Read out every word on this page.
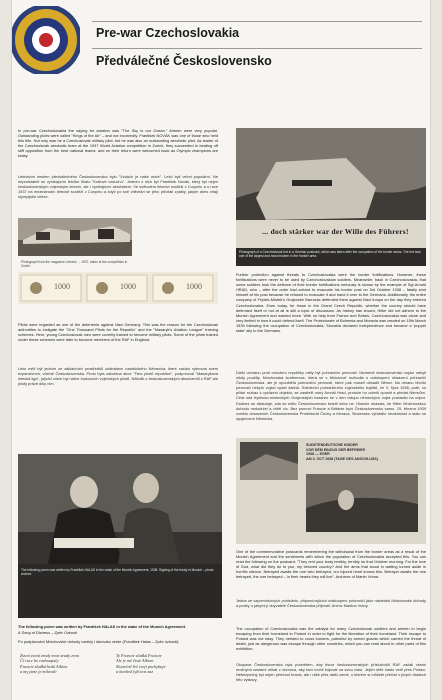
Pre-war Czechoslovakia
Předválečné Československo

In pre-war Czechoslovakia the saying for aviation was "The Sky is our Ocean." Airmen were very popular. Outstanding pilots were called "Kings of the Air" – and not incorrectly. František NOVÁK was one of those who held this title. Not only was he a Czechoslovak military pilot, but he was also an outstanding aerobatic pilot. As leader of the Czechoslovak aerobatic team at the 1937 World Aviation competition in Zurich, they succeeded in beating off stiff opposition from the best national teams, and on their return were welcomed back as Olympic champions are today.

Letectvím heslem předválečného Československa bylo "Vzduch je naše moře". Letci byli velmi populární. Ne nepodstatně se vynikajícím letcům říkalo "Králové vzduchu". Jedním z nich byl František Novák, který byl nejen československým vojenským letcem, ale i vynikajícím akrobatem. Ve světovém letectví soutěži v Curychu a s roce 1937 na mezinárodní letecké soutěži v Curychu a když po své vítězství se jeho přivítali zpátky, jakým dnes vítají olympijské vítěze.

Photograph from the magazine Letectví ... 1937, taken at the competition in Zurich.
1000	1000	1000

Pilots were regarded as one of the deterrents against Nazi Germany. This was the reason for the Czechoslovak authorities to instigate the "One Thousand Pilots for the Republic" and the "Masaryk's Aviation League" training schemes. Here, young Czechoslovak men were covertly trained to become military pilots. Some of the pilots trained under these schemes were later to become members of the RAF in England.

Letci měli být jedním ze základních prostředků odstrašení nacistického Německa, které začalo vybrovat svém expanzivním, včetně Československa. Proto byla založena akce "Tisíc pilotů republice", podporoval "Masarykova letecká liga", jejichž cílem byl nábor budoucích vojenských pilotů. Několik z československých absolventů z RAF ale piloty právě díky nim.

The following poem was written by František HALAS in the wake of the Munich Agreement, 1938. Signing of the treaty in Munich – photo archive.
The following poem was written by František HALAS in the wake of the Munich Agreement.
A Song of Distress – Zpěv Úzkosti
Po podpisování Mnichovské dohody vznikly i takováto verše (František Halas – Zpěv úzkosti):
Zvoní zvoní zrady zvon zrady zvon
Čí ruce ho rozhoupaly
Francie sladká hrdá Albion
a my jsme je milovali
Ty Francie sladká Francie
Ale je mé čisté Albion
Slunečně řeč tvoji pochybuje
a hanlivá lyží text zaz
... doch stärker war der Wille des Führers!
Photograph of a Czechoslovak fort in a German postcard, which was taken after the occupation of the border areas. The fort was one of the largest and most modern in the frontier area.

Further protection against threats to Czechoslovakia were the border fortifications. However, these fortifications were never to be used by Czechoslovakian soldiers. Meanwhile, back in Czechoslovakia, that some soldiers took the defence of their border fortifications seriously is shown by the example of Sgt Arnošt HRAD, who – after the order had arrived to evacuate his border post on 3rd October 1938 – fatally shot himself at his post because he refused to evacuate it and hand it over to the Germans. Additionally, the entire company of Frýdek-Místek's Grajenské Barracks defended them against Nazi troops on the day they entered Czechoslovakia. Even today, for those in the Grand Czech Republic, whether the country should have defended itself or not at all is still a topic of discussion. As history has shown, Hitler did not adhere to the Munich Agreement and wanted more. With no help from France and Britain, Czechoslovakia was alone and very limited in how it could defend itself. The Protectorate of Bohemia and Moravia was created on 15th March 1939 following the occupation of Czechoslovakia; Slovakia declared independence and became a 'puppet state' ally to the Germans.

Další ochranu proti ohrožení republiky měly být pohraniční pevnosti. Nicméně československí vojáci nebyli nikdy použity. Mnichovská konference, která se v Mnichově rozhodla o odstoupení obsazení pohraničí Československa, ale je opouštěla pohraniční pevnosti, které pak museli obsadit Němci. Na obranu těchto pevností nebylo vojáci vydat žádná. Svědectví pohraničního vojenského bojiště, že 3. října 1938, poté, co přišel rozkaz k vyklizení objektu, se zastřelil rotný Arnošt Hrad, protože ho odmítl opustit a předat Němcům. Celá rota frýdecko-místeckých Grajenských kasáren se v den vstupu německých vojsk postavila na odpor. Dodnes se diskutuje, zda se mělo Československo bránit nebo ne. Historie ukázala, že Hitler Mnichovskou dohodu nedodržel a chtěl víc. Bez pomoci Francie a Británie bylo Československo samo. 15. března 1939 vzniklo obsazením Československa Protektorát Čechy a Morava, Slovensko vyhlásilo nezávislost a stalo se spojencem Německa.

SUDETENDEUTSCHE KINDER
VOR DEM EINZUG DER BEFREIER
1938 — EGER
AM 3. OCT 1938 (TAGE DES ANSCHLUSS)

One of the commemorative postcards remembering the withdrawal from the border areas as a result of the Munich Agreement and the sentiments with which the population of Czechoslovakia accepted this. You can read the following on the postcard: "They rent your body terribly, terribly on that October morning. For the love of God, what did they do to you, my beloved country? And the arms that stood in waiting turned aside in horrific silence. Betrayed awaits the one who betrayed, our injured heart knows this. Betrayer awaits the one betrayed, the one betrayed – in their hearts they will live". Archives of Martin Vrána.

Jedna ze vzpomínkových pohlednic, připomínajících odstoupení pohraničí jako následek Mnichovské dohody a pocity, s jakými ji obyvatelé Československa přijímali. Archiv Martina Vrány.

The occupation of Czechoslovakia was the catalyst for many Czechoslovak soldiers and airmen to begin escaping from their homeland to Poland in order to fight for the liberation of their homeland. Their escape to Poland was not easy. They needed to cross borders, patrolled by armed guards which carried the threat of death, just as dangerous was escape through other countries, which you can read about in other parts of this exhibition.

Okupace Československa byla podnětem, aby tisíce československých příslušníků RAF začali všemi možnými cestami utíkat z domova, aby tam mohli bojovat za svou vlast. Jejich útěk často vedl přes Polsko. Nebezpečný byl nejen přechod hranic, ale i útěk přes další země, o kterém si můžete přečíst v jiných částech této výstavy.
